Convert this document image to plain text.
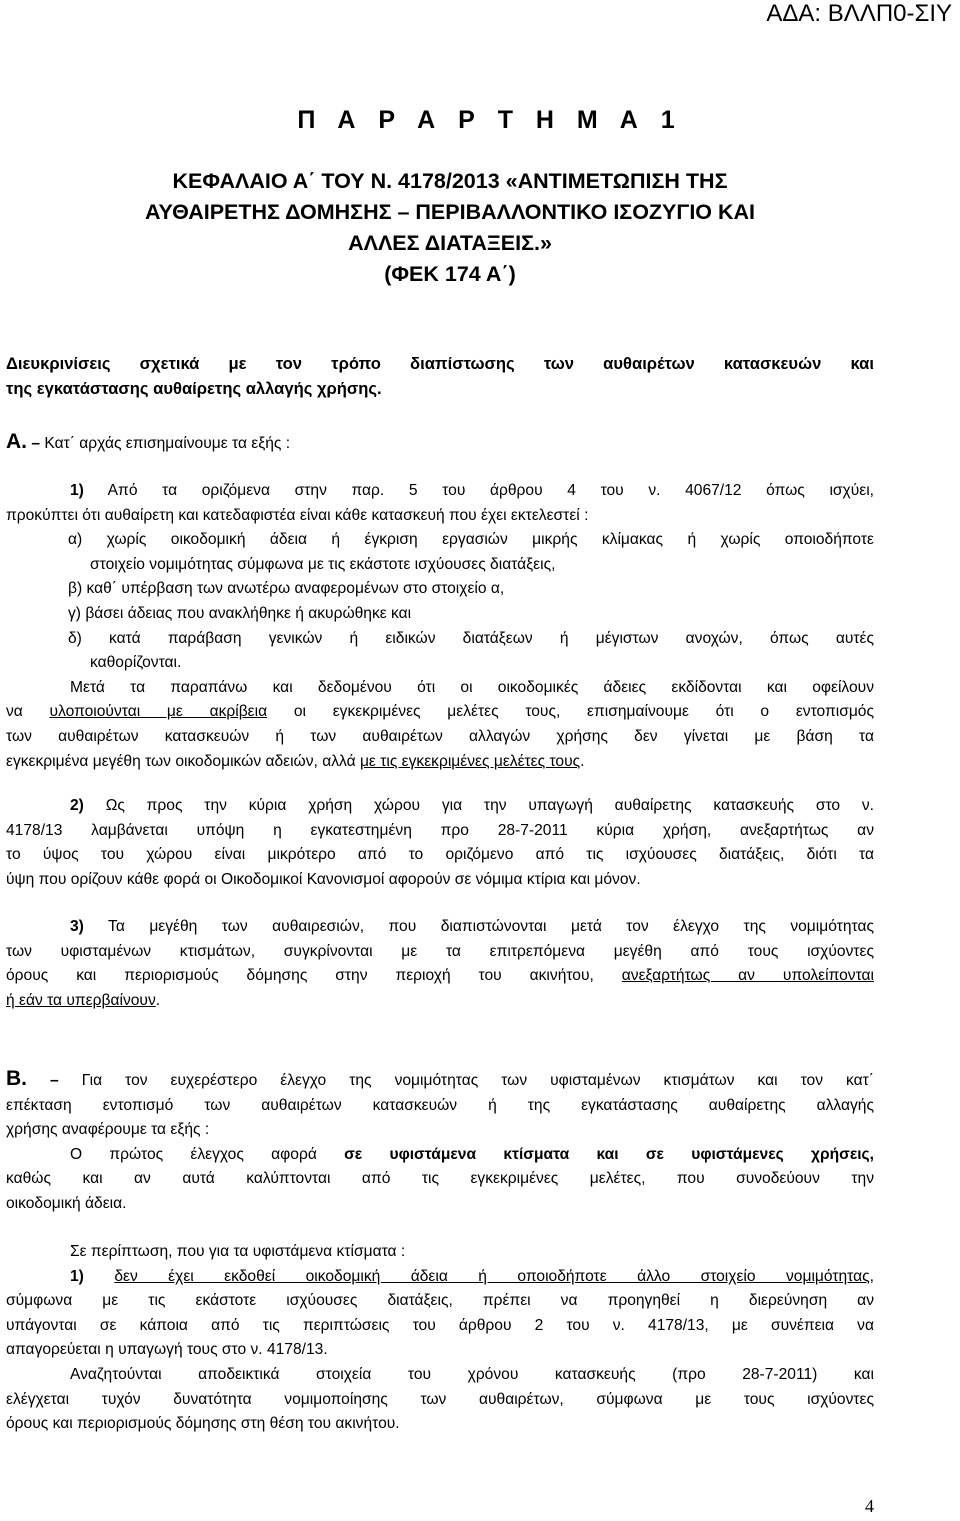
ΑΔΑ: ΒΛΛΠ0-ΣΙΥ
Π Α Ρ Α Ρ Τ Η Μ Α 1
ΚΕΦΑΛΑΙΟ Α΄ ΤΟΥ Ν. 4178/2013 «ΑΝΤΙΜΕΤΩΠΙΣΗ ΤΗΣ
ΑΥΘΑΙΡΕΤΗΣ ΔΟΜΗΣΗΣ – ΠΕΡΙΒΑΛΛΟΝΤΙΚΟ ΙΣΟΖΥΓΙΟ ΚΑΙ
ΑΛΛΕΣ ΔΙΑΤΑΞΕΙΣ.»
(ΦΕΚ 174 Α΄)
Διευκρινίσεις σχετικά με τον τρόπο διαπίστωσης των αυθαιρέτων κατασκευών και
της εγκατάστασης αυθαίρετης αλλαγής χρήσης.
Α. – Κατ΄ αρχάς επισημαίνουμε τα εξής :
1) Από τα οριζόμενα στην παρ. 5 του άρθρου 4 του ν. 4067/12 όπως ισχύει,
προκύπτει ότι αυθαίρετη και κατεδαφιστέα είναι κάθε κατασκευή που έχει εκτελεστεί :
α) χωρίς οικοδομική άδεια ή έγκριση εργασιών μικρής κλίμακας ή χωρίς οποιοδήποτε
στοιχείο νομιμότητας σύμφωνα με τις εκάστοτε ισχύουσες διατάξεις,
β) καθ΄ υπέρβαση των ανωτέρω αναφερομένων στο στοιχείο α,
γ) βάσει άδειας που ανακλήθηκε ή ακυρώθηκε και
δ) κατά παράβαση γενικών ή ειδικών διατάξεων ή μέγιστων ανοχών, όπως αυτές
καθορίζονται.
Μετά τα παραπάνω και δεδομένου ότι οι οικοδομικές άδειες εκδίδονται και οφείλουν
να υλοποιούνται με ακρίβεια οι εγκεκριμένες μελέτες τους, επισημαίνουμε ότι ο εντοπισμός
των αυθαιρέτων κατασκευών ή των αυθαιρέτων αλλαγών χρήσης δεν γίνεται με βάση τα
εγκεκριμένα μεγέθη των οικοδομικών αδειών, αλλά με τις εγκεκριμένες μελέτες τους.
2) Ως προς την κύρια χρήση χώρου για την υπαγωγή αυθαίρετης κατασκευής στο ν.
4178/13 λαμβάνεται υπόψη η εγκατεστημένη προ 28-7-2011 κύρια χρήση, ανεξαρτήτως αν
το ύψος του χώρου είναι μικρότερο από το οριζόμενο από τις ισχύουσες διατάξεις, διότι τα
ύψη που ορίζουν κάθε φορά οι Οικοδομικοί Κανονισμοί αφορούν σε νόμιμα κτίρια και μόνον.
3) Τα μεγέθη των αυθαιρεσιών, που διαπιστώνονται μετά τον έλεγχο της νομιμότητας
των υφισταμένων κτισμάτων, συγκρίνονται με τα επιτρεπόμενα μεγέθη από τους ισχύοντες
όρους και περιορισμούς δόμησης στην περιοχή του ακινήτου, ανεξαρτήτως αν υπολείπονται
ή εάν τα υπερβαίνουν.
Β. – Για τον ευχερέστερο έλεγχο της νομιμότητας των υφισταμένων κτισμάτων και τον κατ΄
επέκταση εντοπισμό των αυθαιρέτων κατασκευών ή της εγκατάστασης αυθαίρετης αλλαγής
χρήσης αναφέρουμε τα εξής :
Ο πρώτος έλεγχος αφορά σε υφιστάμενα κτίσματα και σε υφιστάμενες χρήσεις,
καθώς και αν αυτά καλύπτονται από τις εγκεκριμένες μελέτες, που συνοδεύουν την
οικοδομική άδεια.
Σε περίπτωση, που για τα υφιστάμενα κτίσματα :
1) δεν έχει εκδοθεί οικοδομική άδεια ή οποιοδήποτε άλλο στοιχείο νομιμότητας,
σύμφωνα με τις εκάστοτε ισχύουσες διατάξεις, πρέπει να προηγηθεί η διερεύνηση αν
υπάγονται σε κάποια από τις περιπτώσεις του άρθρου 2 του ν. 4178/13, με συνέπεια να
απαγορεύεται η υπαγωγή τους στο ν. 4178/13.
Αναζητούνται αποδεικτικά στοιχεία του χρόνου κατασκευής (προ 28-7-2011) και
ελέγχεται τυχόν δυνατότητα νομιμοποίησης των αυθαιρέτων, σύμφωνα με τους ισχύοντες
όρους και περιορισμούς δόμησης στη θέση του ακινήτου.
4
